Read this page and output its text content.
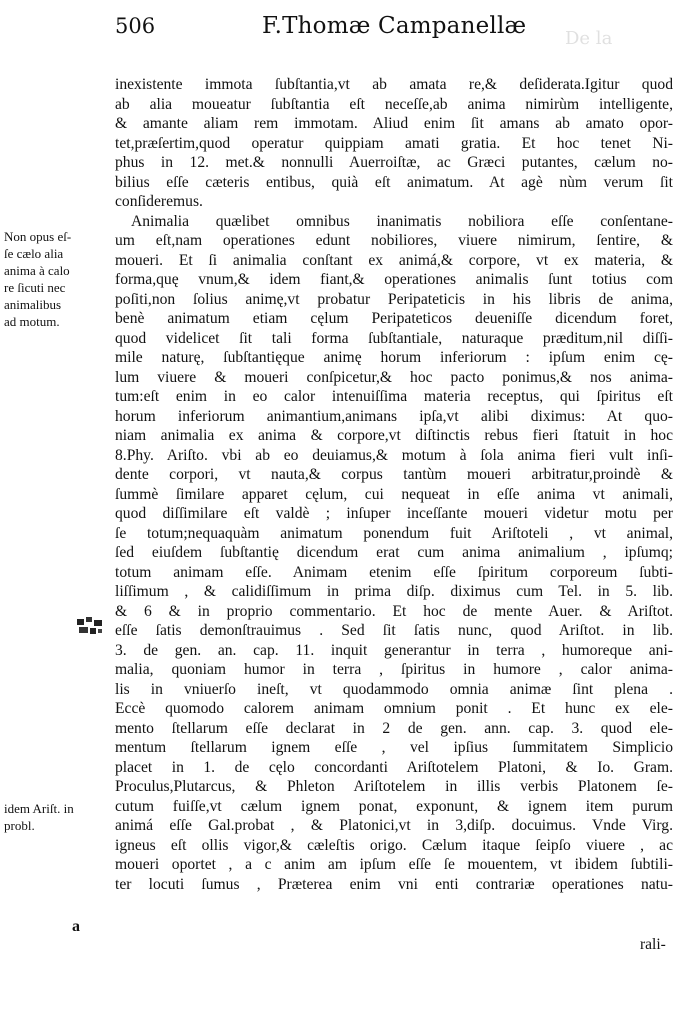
506	F.Thomæ Campanellæ De la
inexistente immota ſubſtantia,vt ab amata re,& deſiderata.Igitur quod
ab alia moueatur ſubſtantia eſt neceſſe,ab anima nimirùm intelligente,
& amante aliam rem immotam. Aliud enim ſit amans ab amato opor-
tet,præſertim,quod operatur quippiam amati gratia. Et hoc tenet Ni-
phus in 12. met.& nonnulli Auerroiſtæ, ac Græci putantes, cælum no-
bilius eſſe cæteris entibus, quià eſt animatum. At agè nùm verum ſit
conſideremus.
Animalia quælibet omnibus inanimatis nobiliora eſſe conſentane-
um eſt,nam operationes edunt nobiliores, viuere nimirum, ſentire, &
moueri. Et ſi animalia conſtant ex animá,& corpore, vt ex materia, &
forma,quę vnum,& idem fiant,& operationes animalis ſunt totius com
poſiti,non ſolius animę,vt probatur Peripateticis in his libris de anima,
benè animatum etiam cęlum Peripateticos deueniſſe dicendum foret,
quod videlicet ſit tali forma ſubſtantiale, naturaque præditum,nil diſſi-
mile naturę, ſubſtantięque animę horum inferiorum : ipſum enim cę-
lum viuere & moueri conſpicetur,& hoc pacto ponimus,& nos anima-
tum:eſt enim in eo calor intenuiſſima materia receptus, qui ſpiritus eſt
horum inferiorum animantium,animans ipſa,vt alibi diximus: At quo-
niam animalia ex anima & corpore,vt diſtinctis rebus fieri ſtatuit in hoc
8.Phy. Ariſto. vbi ab eo deuiamus,& motum à ſola anima fieri vult inſi-
dente corpori, vt nauta,& corpus tantùm moueri arbitratur,proindè &
ſummè ſimilare apparet cęlum, cui nequeat in eſſe anima vt animali,
quod diſſimilare eſt valdè ; inſuper inceſſante moueri videtur motu per
ſe totum;nequaquàm animatum ponendum fuit Ariſtoteli , vt animal,
ſed eiuſdem ſubſtantię dicendum erat cum anima animalium , ipſumq;
totum animam eſſe. Animam etenim eſſe ſpiritum corporeum ſubti-
liſſimum , & calidiſſimum in prima diſp. diximus cum Tel. in 5. lib.
& 6 & in proprio commentario. Et hoc de mente Auer. & Ariſtot.
eſſe ſatis demonſtrauimus . Sed ſit ſatis nunc, quod Ariſtot. in lib.
3. de gen. an. cap. 11. inquit generantur in terra , humoreque ani-
malia, quoniam humor in terra , ſpiritus in humore , calor anima-
lis in vniuerſo ineſt, vt quodammodo omnia animæ ſint plena .
Eccè quomodo calorem animam omnium ponit . Et hunc ex ele-
mento ſtellarum eſſe declarat in 2 de gen. ann. cap. 3. quod ele-
mentum ſtellarum ignem eſſe , vel ipſius ſummitatem Simplicio
placet in 1. de cęlo concordanti Ariſtotelem Platoni, & Io. Gram.
Proculus,Plutarcus, & Phleton Ariſtotelem in illis verbis Platonem ſe-
cutum fuiſſe,vt cælum ignem ponat, exponunt, & ignem item purum
animá eſſe Gal.probat , & Platonici,vt in 3,diſp. docuimus. Vnde Virg.
igneus eſt ollis vigor,& cæleſtis origo. Cælum itaque ſeipſo viuere , ac
moueri oportet , a c anim am ipſum eſſe ſe mouentem, vt ibidem ſubtili-
ter locuti ſumus , Præterea enim vni enti contrariæ operationes natu-
Non opus eſ-
ſe cælo alia
anima à calo
re ſicuti nec
animalibus
ad motum.
idem Ariſt. in
probl.
a
rali-
